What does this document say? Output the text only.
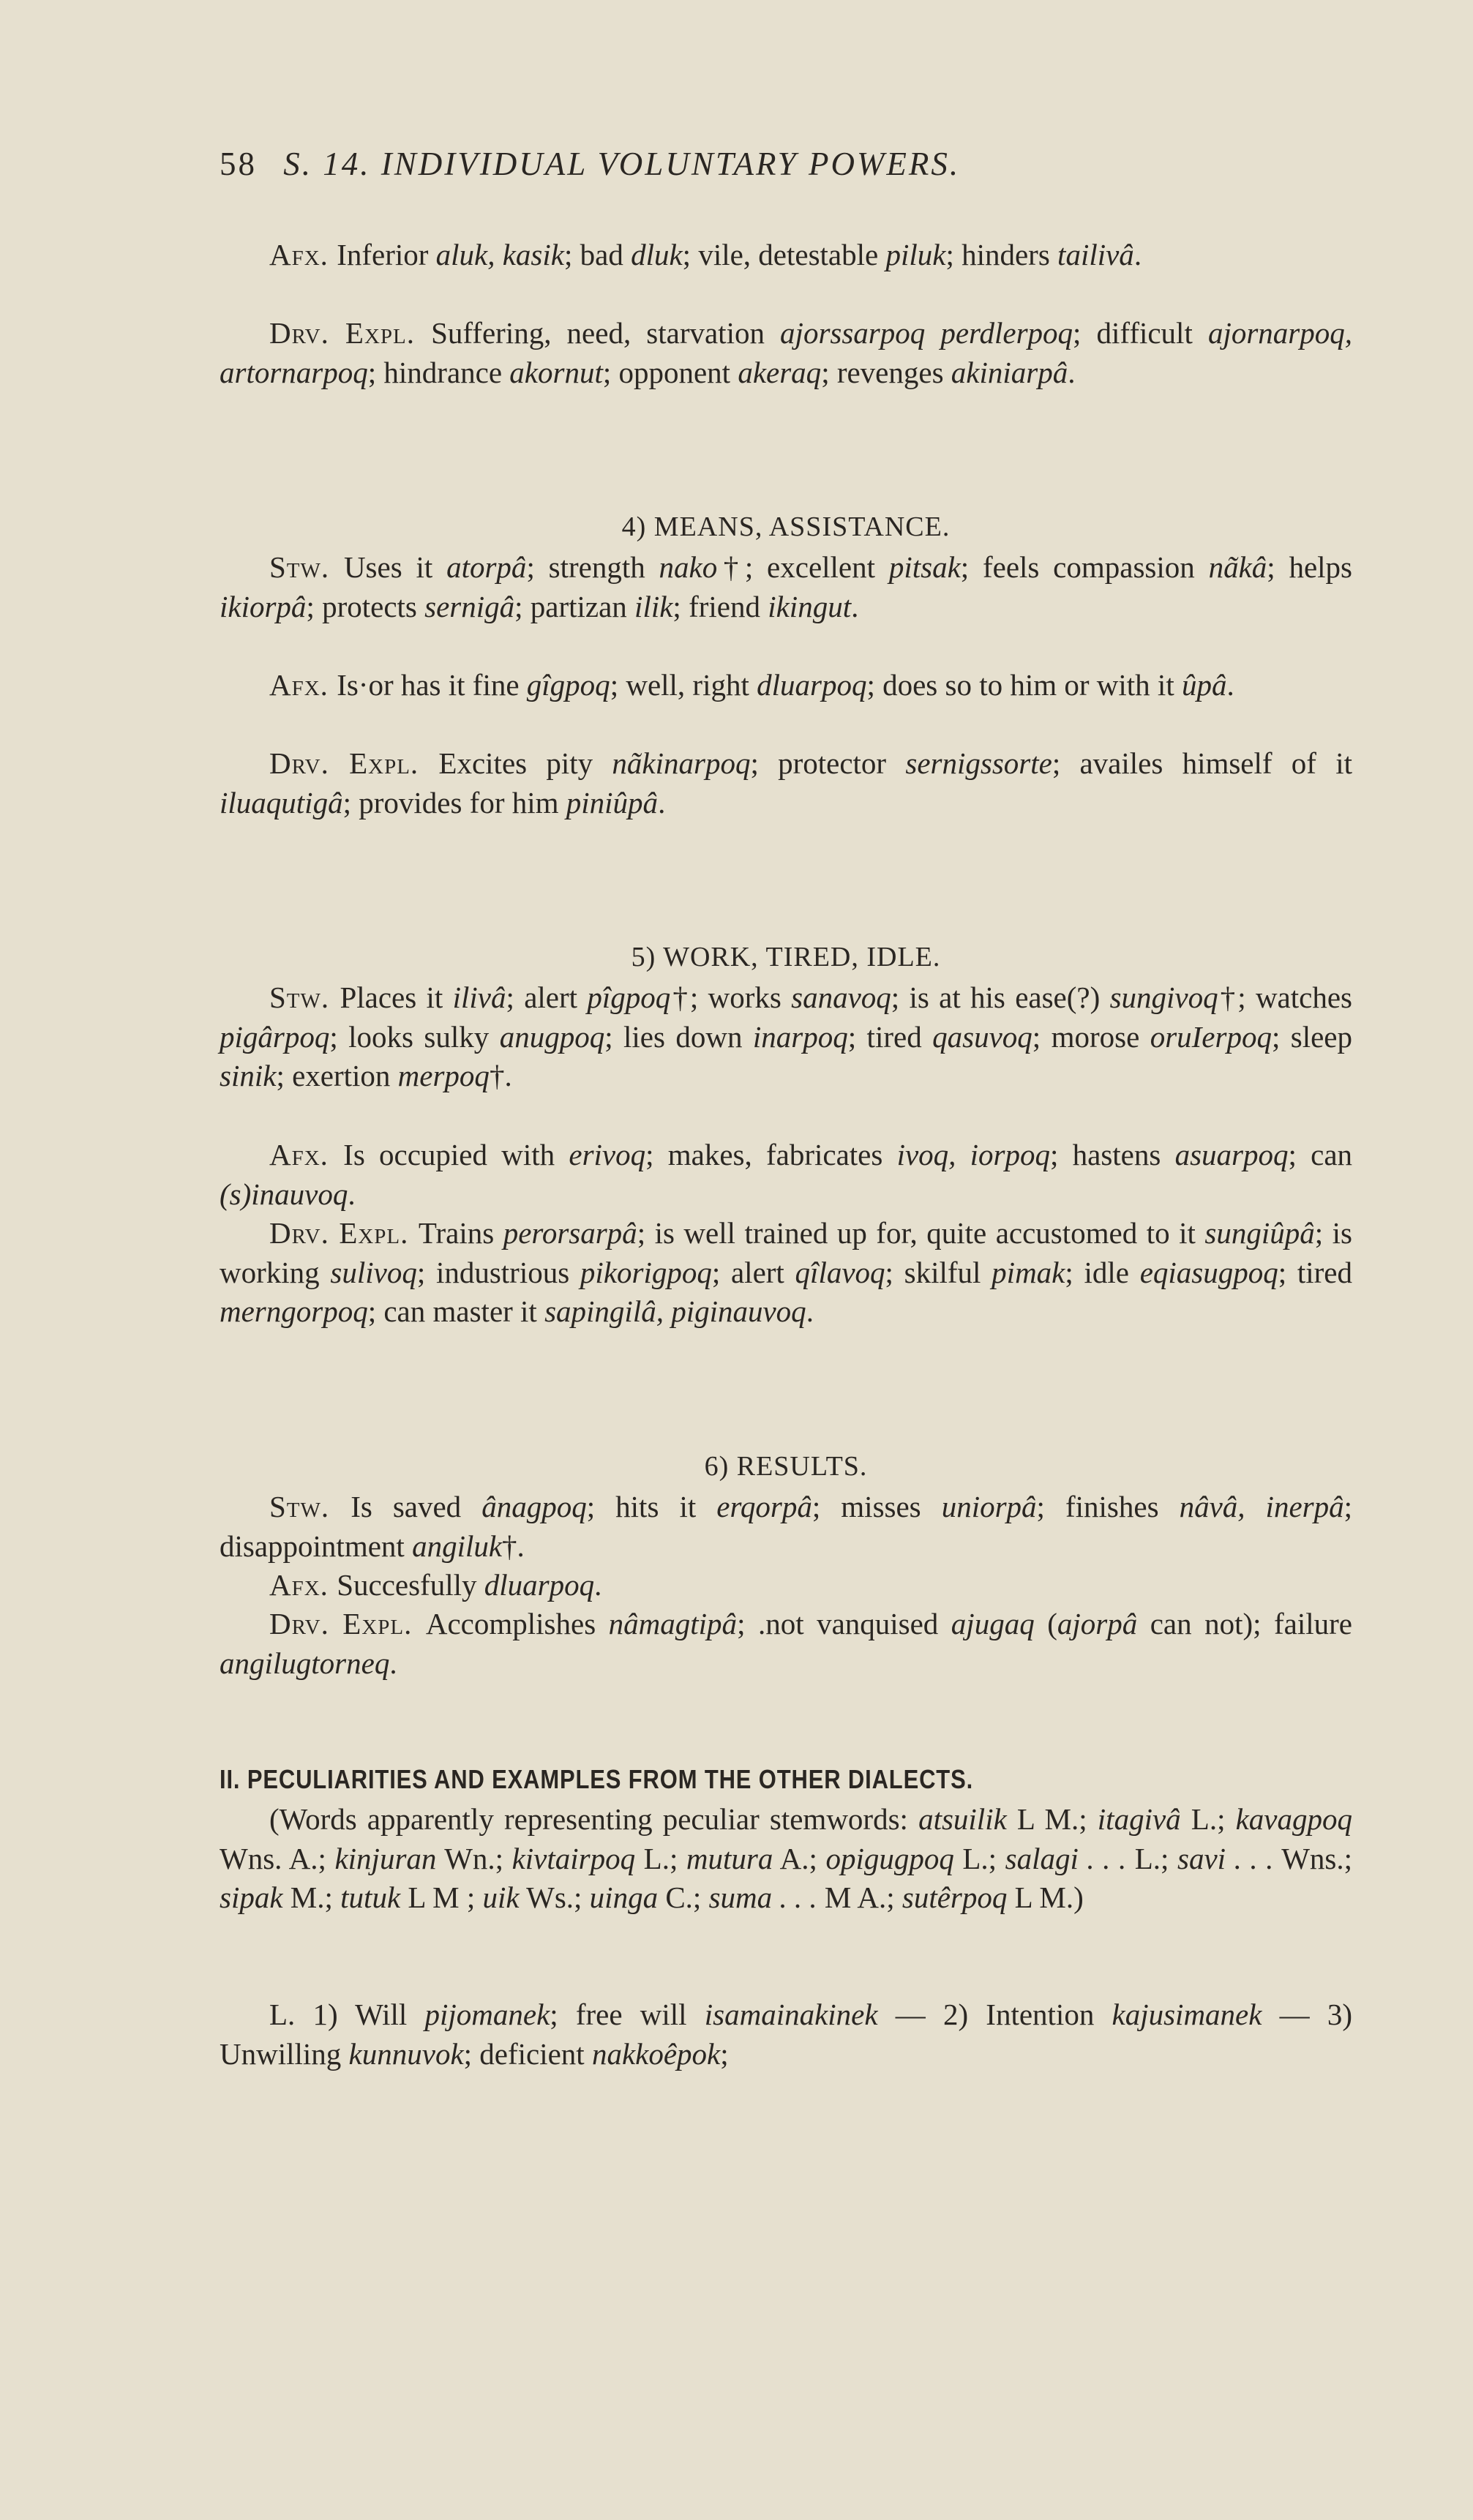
58 S. 14. INDIVIDUAL VOLUNTARY POWERS.

Afx. Inferior aluk, kasik; bad dluk; vile, detestable piluk; hinders tailivâ.

Drv. Expl. Suffering, need, starvation ajorssarpoq perdlerpoq; difficult ajornarpoq, artornarpoq; hindrance akornut; opponent akeraq; revenges akiniarpâ.

Stw. Uses it atorpâ; strength nako†; excellent pitsak; feels compassion nãkâ; helps ikiorpâ; protects sernigâ; partizan ilik; friend ikingut.

Afx. Is·or has it fine gîgpoq; well, right dluarpoq; does so to him or with it ûpâ.

Drv. Expl. Excites pity nãkinarpoq; protector sernigssorte; availes himself of it iluaqutigâ; provides for him piniûpâ.

Stw. Places it ilivâ; alert pîgpoq†; works sanavoq; is at his ease(?) sungivoq†; watches pigârpoq; looks sulky anugpoq; lies down inarpoq; tired qasuvoq; morose oruIerpoq; sleep sinik; exertion merpoq†.

Afx. Is occupied with erivoq; makes, fabricates ivoq, iorpoq; hastens asuarpoq; can (s)inauvoq.

Drv. Expl. Trains perorsarpâ; is well trained up for, quite accustomed to it sungiûpâ; is working sulivoq; industrious pikorigpoq; alert qîlavoq; skilful pimak; idle eqiasugpoq; tired merngorpoq; can master it sapingilâ, piginauvoq.

Stw. Is saved ânagpoq; hits it erqorpâ; misses uniorpâ; finishes nâvâ, inerpâ; disappointment angiluk†.

Afx. Succesfully dluarpoq.

Drv. Expl. Accomplishes nâmagtipâ; .not vanquised ajugaq (ajorpâ can not); failure angilugtorneq.

(Words apparently representing peculiar stemwords: atsuilik L M.; itagivâ L.; kavagpoq Wns. A.; kinjuran Wn.; kivtairpoq L.; mutura A.; opigugpoq L.; salagi . . . L.; savi . . . Wns.; sipak M.; tutuk L M ; uik Ws.; uinga C.; suma . . . M A.; sutêrpoq L M.)

L. 1) Will pijomanek; free will isamainakinek — 2) Intention kajusimanek — 3) Unwilling kunnuvok; deficient nakkoêpok;

4) MEANS, ASSISTANCE.
5) WORK, TIRED, IDLE.
6) RESULTS.
II. PECULIARITIES AND EXAMPLES FROM THE OTHER DIALECTS.
